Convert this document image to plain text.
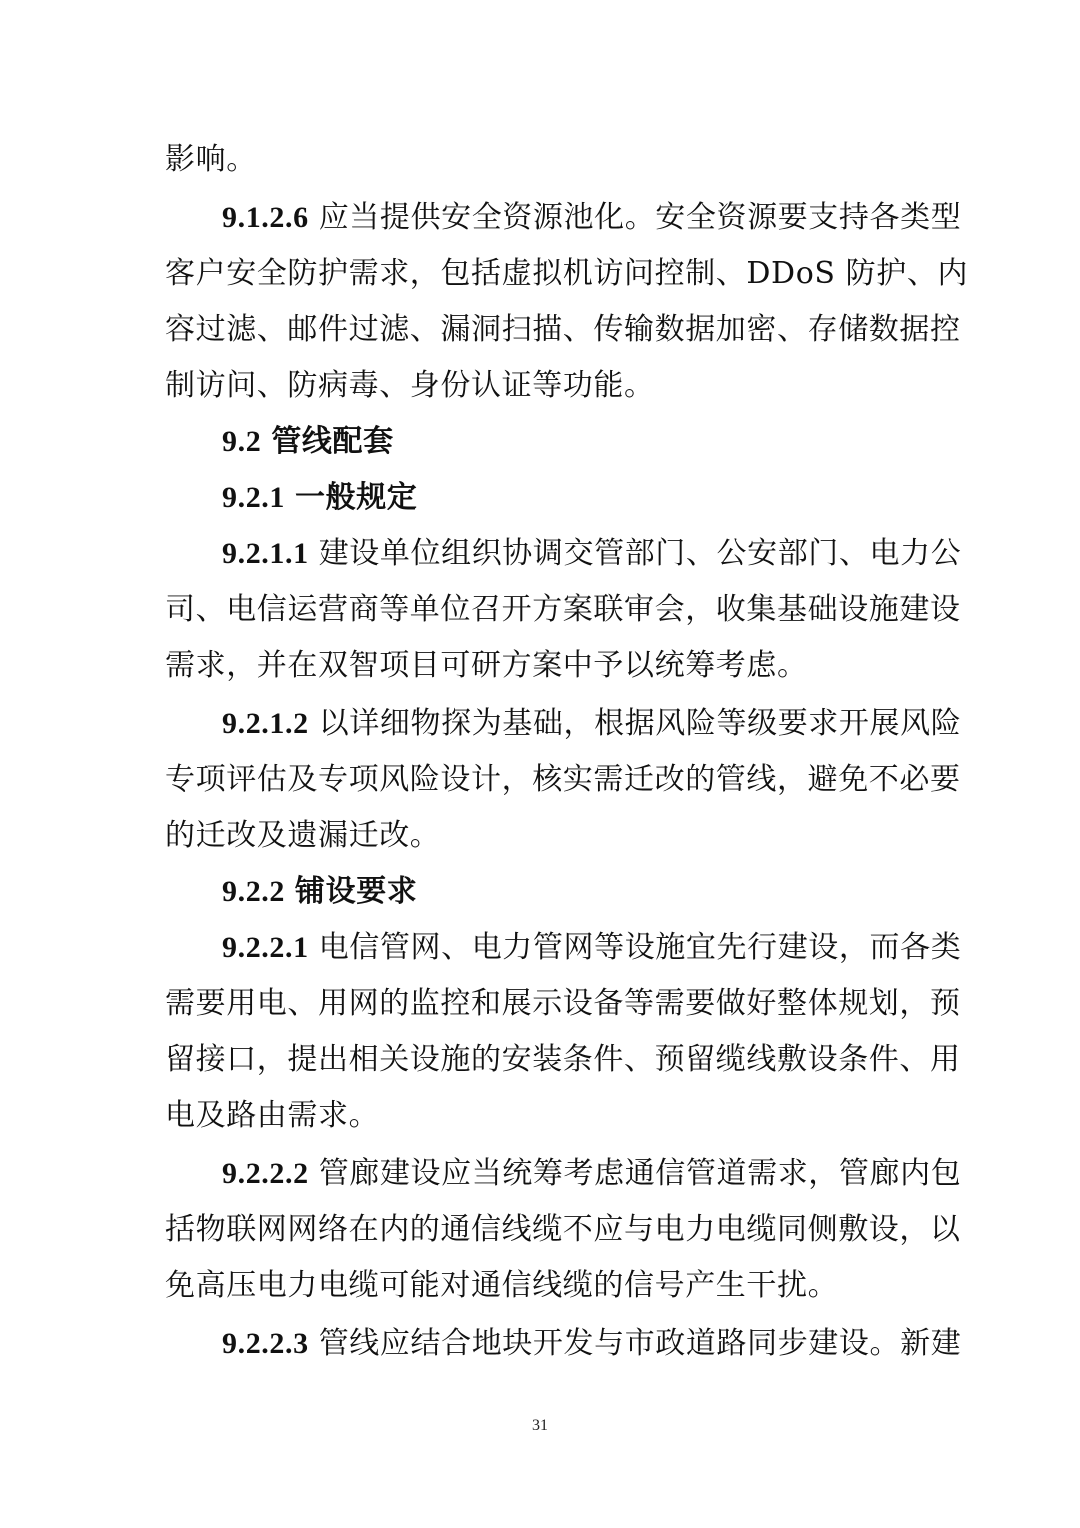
影响。
9.1.2.6 应当提供安全资源池化。安全资源要支持各类型
客户安全防护需求，包括虚拟机访问控制、DDoS 防护、内
容过滤、邮件过滤、漏洞扫描、传输数据加密、存储数据控
制访问、防病毒、身份认证等功能。
9.2 管线配套
9.2.1 一般规定
9.2.1.1 建设单位组织协调交管部门、公安部门、电力公
司、电信运营商等单位召开方案联审会，收集基础设施建设
需求，并在双智项目可研方案中予以统筹考虑。
9.2.1.2 以详细物探为基础，根据风险等级要求开展风险
专项评估及专项风险设计，核实需迁改的管线，避免不必要
的迁改及遗漏迁改。
9.2.2 铺设要求
9.2.2.1 电信管网、电力管网等设施宜先行建设，而各类
需要用电、用网的监控和展示设备等需要做好整体规划，预
留接口，提出相关设施的安装条件、预留缆线敷设条件、用
电及路由需求。
9.2.2.2 管廊建设应当统筹考虑通信管道需求，管廊内包
括物联网网络在内的通信线缆不应与电力电缆同侧敷设，以
免高压电力电缆可能对通信线缆的信号产生干扰。
9.2.2.3 管线应结合地块开发与市政道路同步建设。新建
31
